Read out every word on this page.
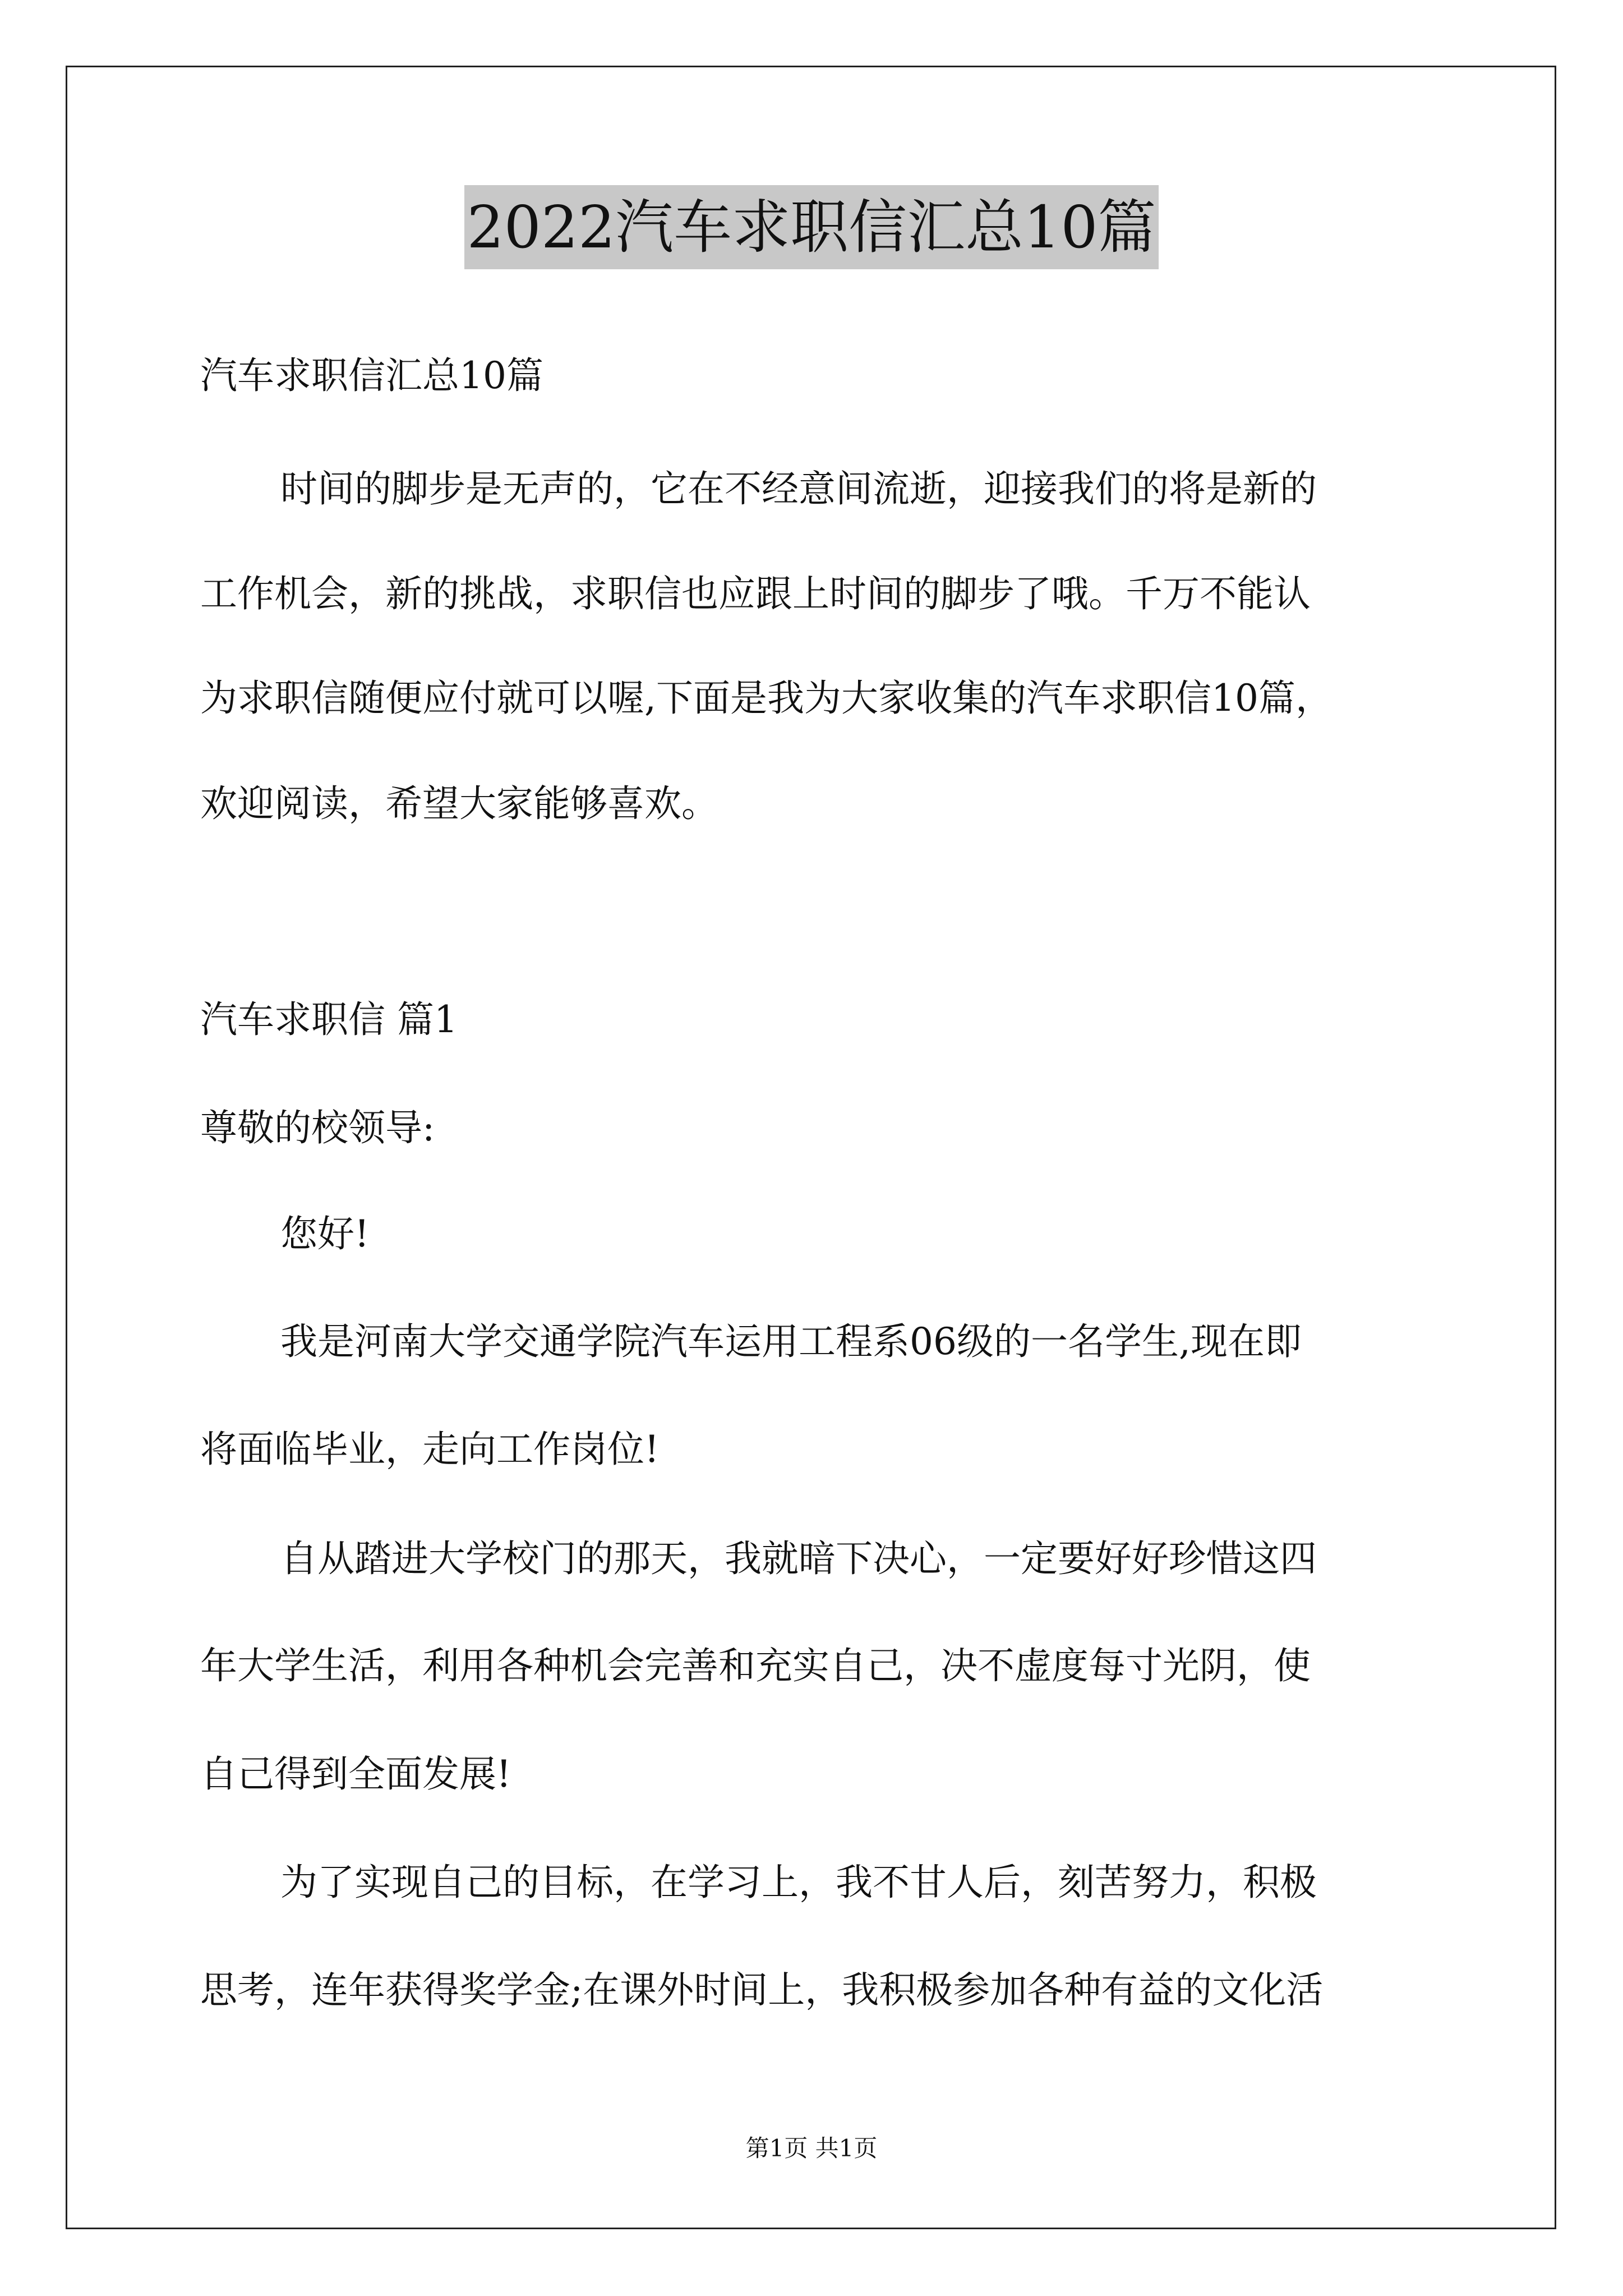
2022汽车求职信汇总10篇
汽车求职信汇总10篇
时间的脚步是无声的，它在不经意间流逝，迎接我们的将是新的
工作机会，新的挑战，求职信也应跟上时间的脚步了哦。千万不能认
为求职信随便应付就可以喔,下面是我为大家收集的汽车求职信10篇，
欢迎阅读，希望大家能够喜欢。
汽车求职信 篇1
尊敬的校领导:
您好!
我是河南大学交通学院汽车运用工程系06级的一名学生,现在即
将面临毕业，走向工作岗位!
自从踏进大学校门的那天，我就暗下决心，一定要好好珍惜这四
年大学生活，利用各种机会完善和充实自己，决不虚度每寸光阴，使
自己得到全面发展!
为了实现自己的目标，在学习上，我不甘人后，刻苦努力，积极
思考，连年获得奖学金;在课外时间上，我积极参加各种有益的文化活
第1页 共1页
